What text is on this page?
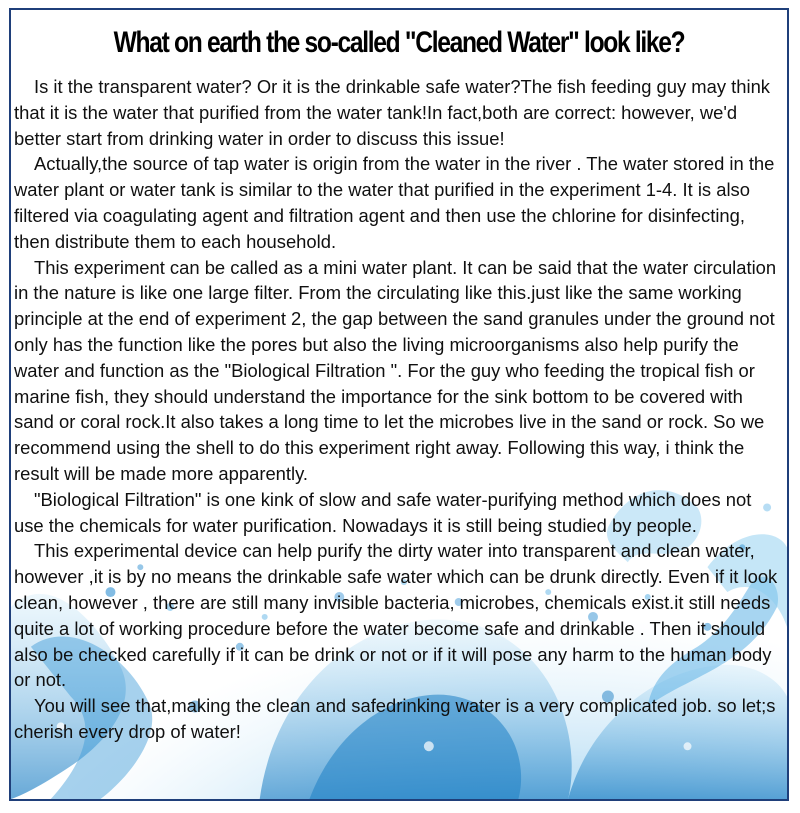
What on earth the so-called "Cleaned Water" look like?

Is it the transparent water? Or it is the drinkable safe water?The fish feeding guy may think that it is the water that purified from the water tank!In fact,both are correct: however, we'd better start from drinking water in order to discuss this issue!

Actually,the source of tap water is origin from the water in the river . The water stored in the water plant or water tank is similar to the water that purified in the experiment 1-4. It is also filtered via coagulating agent and filtration agent and then use the chlorine for disinfecting, then distribute them to each household.

This experiment can be called as a mini water plant. It can be said that the water circulation in the nature is like one large filter. From the circulating like this.just like the same working principle at the end of experiment 2, the gap between the sand granules under the ground not only has the function like the pores but also the living microorganisms also help purify the water and function as the "Biological Filtration ". For the guy who feeding the tropical fish or marine fish, they should understand the importance for the sink bottom to be covered with sand or coral rock.It also takes a long time to let the microbes live in the sand or rock. So we recommend using the shell to do this experiment right away. Following this way, i think the result will be made more apparently.

"Biological Filtration" is one kink of slow and safe water-purifying method which does not use the chemicals for water purification. Nowadays it is still being studied by people.

This experimental device can help purify the dirty water into transparent and clean water, however ,it is by no means the drinkable safe water which can be drunk directly. Even if it look clean, however , there are still many invisible bacteria, microbes, chemicals exist.it still needs quite a lot of working procedure before the water become safe and drinkable . Then it should also be checked carefully if it can be drink or not or if it will pose any harm to the human body or not.

You will see that,making the clean and safedrinking water is a very complicated job. so let;s cherish every drop of water!
